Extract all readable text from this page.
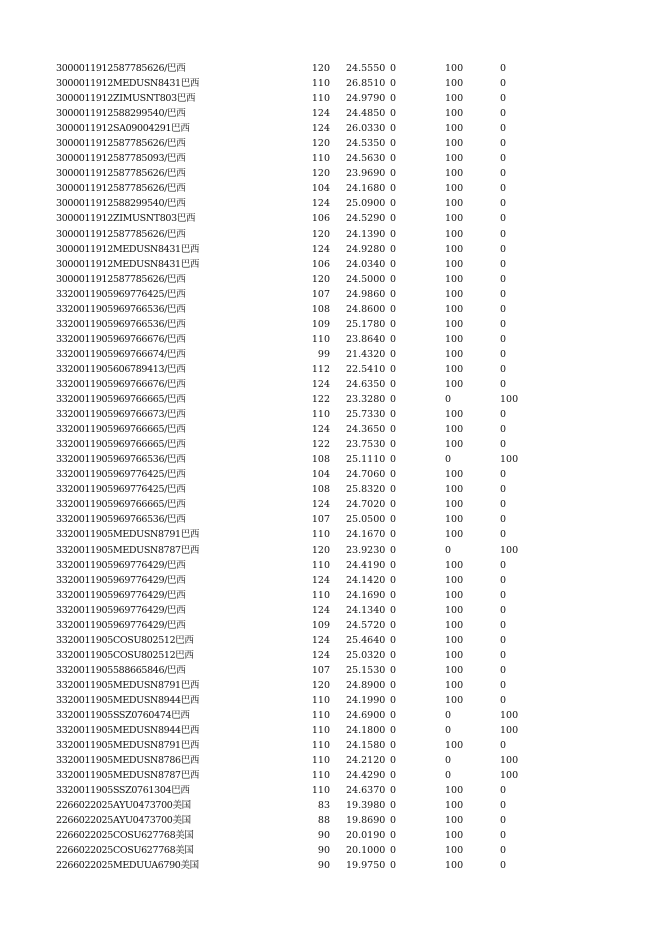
3000011912587785626/巴西	120 24.5550 0	100	0
3000011912MEDUSN8431巴西	110 26.8510 0	100	0
3000011912ZIMUSNT803巴西	110 24.9790 0	100	0
3000011912588299540/巴西	124 24.4850 0	100	0
3000011912SA09004291巴西	124 26.0330 0	100	0
3000011912587785626/巴西	120 24.5350 0	100	0
3000011912587785093/巴西	110 24.5630 0	100	0
3000011912587785626/巴西	120 23.9690 0	100	0
3000011912587785626/巴西	104 24.1680 0	100	0
3000011912588299540/巴西	124 25.0900 0	100	0
3000011912ZIMUSNT803巴西	106 24.5290 0	100	0
3000011912587785626/巴西	120 24.1390 0	100	0
3000011912MEDUSN8431巴西	124 24.9280 0	100	0
3000011912MEDUSN8431巴西	106 24.0340 0	100	0
3000011912587785626/巴西	120 24.5000 0	100	0
3320011905969776425/巴西	107 24.9860 0	100	0
3320011905969766536/巴西	108 24.8600 0	100	0
3320011905969766536/巴西	109 25.1780 0	100	0
3320011905969766676/巴西	110 23.8640 0	100	0
3320011905969766674/巴西	99 21.4320 0	100	0
3320011905606789413/巴西	112 22.5410 0	100	0
3320011905969766676/巴西	124 24.6350 0	100	0
3320011905969766665/巴西	122 23.3280 0	0	100
3320011905969766673/巴西	110 25.7330 0	100	0
3320011905969766665/巴西	124 24.3650 0	100	0
3320011905969766665/巴西	122 23.7530 0	100	0
3320011905969766536/巴西	108 25.1110 0	0	100
3320011905969776425/巴西	104 24.7060 0	100	0
3320011905969776425/巴西	108 25.8320 0	100	0
3320011905969766665/巴西	124 24.7020 0	100	0
3320011905969766536/巴西	107 25.0500 0	100	0
3320011905MEDUSN8791巴西	110 24.1670 0	100	0
3320011905MEDUSN8787巴西	120 23.9230 0	0	100
3320011905969776429/巴西	110 24.4190 0	100	0
3320011905969776429/巴西	124 24.1420 0	100	0
3320011905969776429/巴西	110 24.1690 0	100	0
3320011905969776429/巴西	124 24.1340 0	100	0
3320011905969776429/巴西	109 24.5720 0	100	0
3320011905COSU802512巴西	124 25.4640 0	100	0
3320011905COSU802512巴西	124 25.0320 0	100	0
3320011905588665846/巴西	107 25.1530 0	100	0
3320011905MEDUSN8791巴西	120 24.8900 0	100	0
3320011905MEDUSN8944巴西	110 24.1990 0	100	0
3320011905SSZ0760474巴西	110 24.6900 0	0	100
3320011905MEDUSN8944巴西	110 24.1800 0	0	100
3320011905MEDUSN8791巴西	110 24.1580 0	100	0
3320011905MEDUSN8786巴西	110 24.2120 0	0	100
3320011905MEDUSN8787巴西	110 24.4290 0	0	100
3320011905SSZ0761304巴西	110 24.6370 0	100	0
2266022025AYU0473700美国	83 19.3980 0	100	0
2266022025AYU0473700美国	88 19.8690 0	100	0
2266022025COSU627768美国	90 20.0190 0	100	0
2266022025COSU627768美国	90 20.1000 0	100	0
2266022025MEDUUA6790美国	90 19.9750 0	100	0
